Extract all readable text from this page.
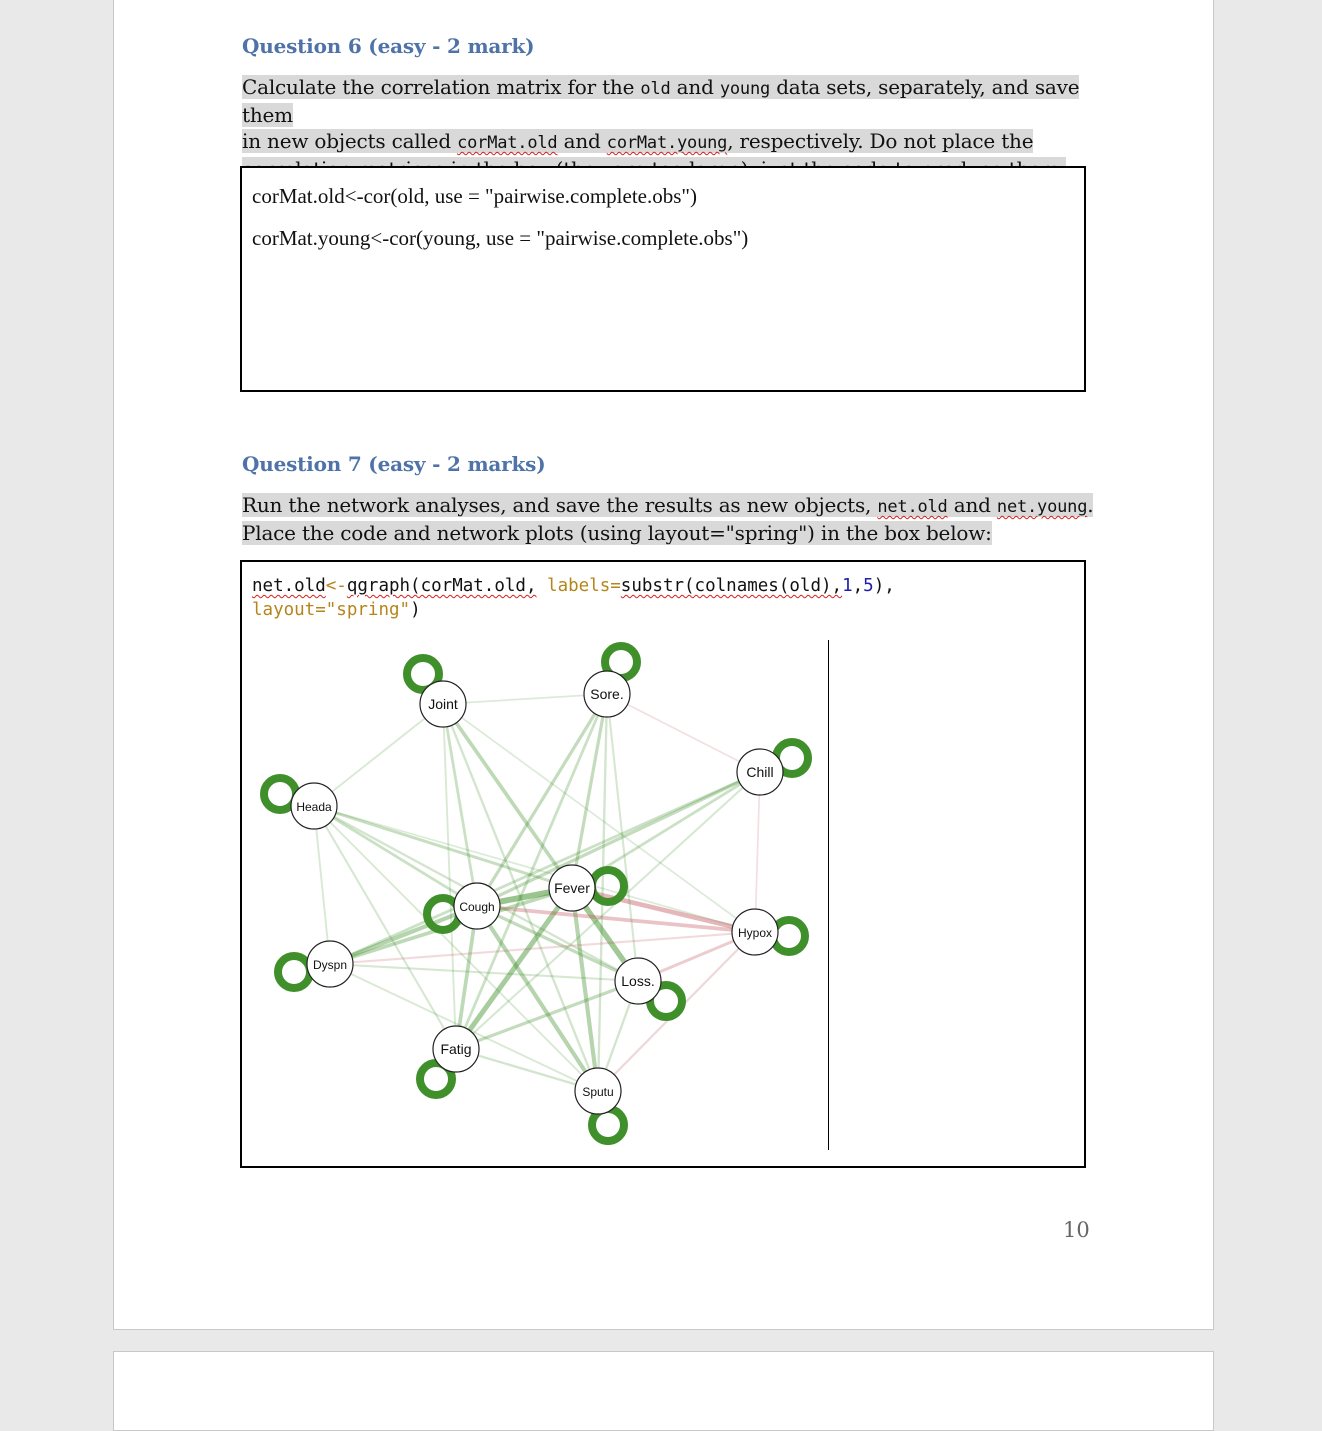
Question 6 (easy - 2 mark)
Calculate the correlation matrix for the old and young data sets, separately, and save them
in new objects called corMat.old and corMat.young, respectively. Do not place the

corMat.old<-cor(old, use = "pairwise.complete.obs")
corMat.young<-cor(young, use = "pairwise.complete.obs")
Question 7 (easy - 2 marks)
Run the network analyses, and save the results as new objects, net.old and net.young.
Place the code and network plots (using layout="spring") in the box below:
net.old<-qgraph(corMat.old, labels=substr(colnames(old),1,5),
layout="spring")
Joint
Sore.
Chill
Heada
Fever
Cough
Hypox
Dyspn
Loss.
Fatig
Sputu
10
